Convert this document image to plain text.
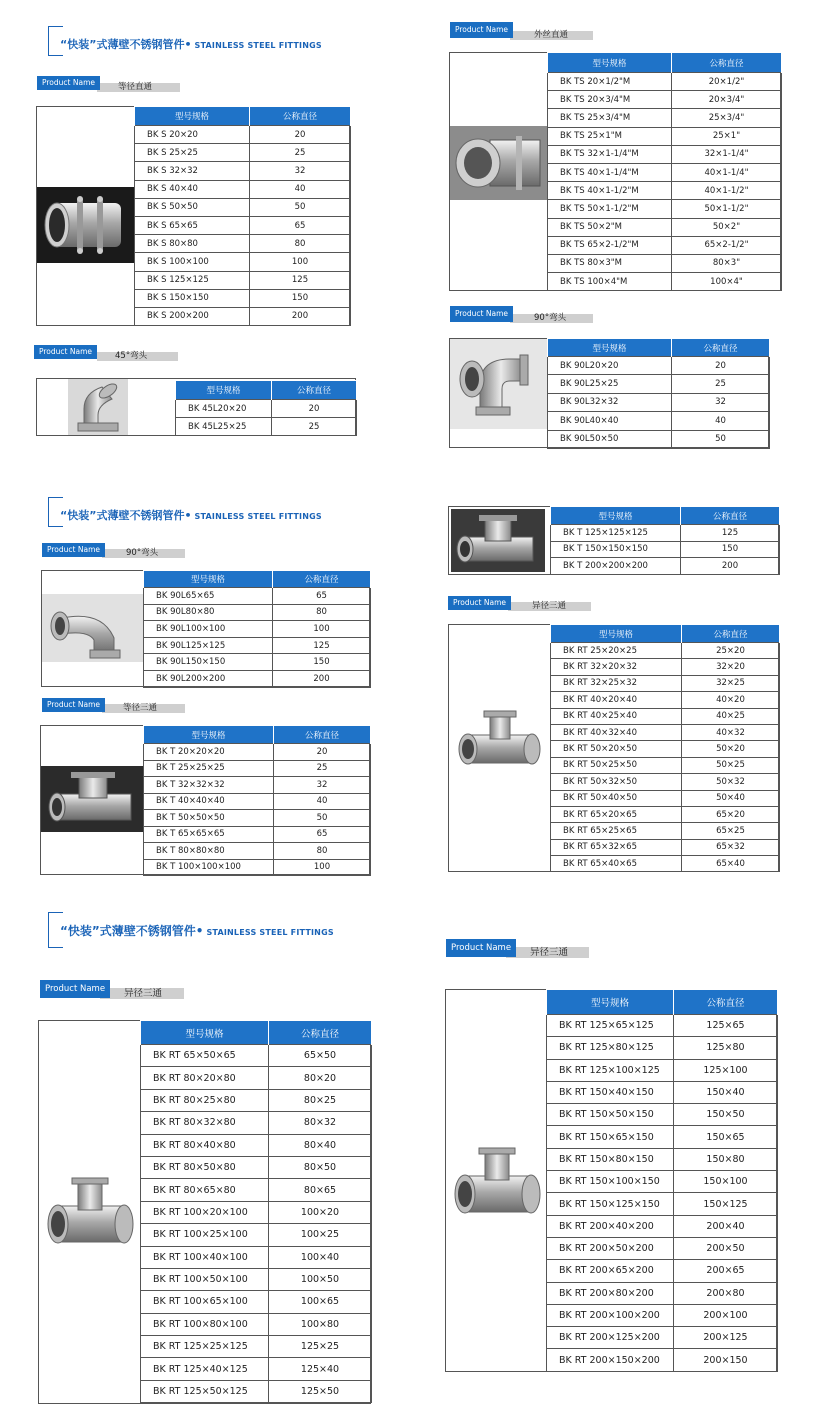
“快装”式薄壁不锈钢管件• STAINLESS STEEL FITTINGS
“快装”式薄壁不锈钢管件• STAINLESS STEEL FITTINGS
“快装”式薄壁不锈钢管件• STAINLESS STEEL FITTINGS
Product Name	等径直通
Product Name	45°弯头
Product Name
外丝直通
Product Name	90°弯头
Product Name	90°弯头
Product Name	等径三通
Product Name	异径三通
Product Name	异径三通
Product Name	异径三通
型号规格	公称直径
BK S 20×20	20
BK S 25×25	25
BK S 32×32	32
BK S 40×40	40
BK S 50×50	50
BK S 65×65	65
BK S 80×80	80
BK S 100×100	100
BK S 125×125	125
BK S 150×150	150
BK S 200×200	200
型号规格	公称直径
BK 45L20×20	20
BK 45L25×25	25
型号规格	公称直径
BK TS 20×1/2"M	20×1/2"
BK TS 20×3/4"M	20×3/4"
BK TS 25×3/4"M	25×3/4"
BK TS 25×1"M	25×1"
BK TS 32×1-1/4"M	32×1-1/4"
BK TS 40×1-1/4"M	40×1-1/4"
BK TS 40×1-1/2"M	40×1-1/2"
BK TS 50×1-1/2"M	50×1-1/2"
BK TS 50×2"M	50×2"
BK TS 65×2-1/2"M	65×2-1/2"
BK TS 80×3"M	80×3"
BK TS 100×4"M	100×4"
型号规格	公称直径
BK 90L20×20	20
BK 90L25×25	25
BK 90L32×32	32
BK 90L40×40	40
BK 90L50×50	50
型号规格	公称直径
BK 90L65×65	65
BK 90L80×80	80
BK 90L100×100	100
BK 90L125×125	125
BK 90L150×150	150
BK 90L200×200	200
型号规格	公称直径
BK T 20×20×20	20
BK T 25×25×25	25
BK T 32×32×32	32
BK T 40×40×40	40
BK T 50×50×50	50
BK T 65×65×65	65
BK T 80×80×80	80
BK T 100×100×100	100
型号规格	公称直径
BK T 125×125×125	125
BK T 150×150×150	150
BK T 200×200×200	200
型号规格	公称直径
BK RT 25×20×25	25×20
BK RT 32×20×32	32×20
BK RT 32×25×32	32×25
BK RT 40×20×40	40×20
BK RT 40×25×40	40×25
BK RT 40×32×40	40×32
BK RT 50×20×50	50×20
BK RT 50×25×50	50×25
BK RT 50×32×50	50×32
BK RT 50×40×50	50×40
BK RT 65×20×65	65×20
BK RT 65×25×65	65×25
BK RT 65×32×65	65×32
BK RT 65×40×65	65×40
型号规格	公称直径
BK RT 65×50×65	65×50
BK RT 80×20×80	80×20
BK RT 80×25×80	80×25
BK RT 80×32×80	80×32
BK RT 80×40×80	80×40
BK RT 80×50×80	80×50
BK RT 80×65×80	80×65
BK RT 100×20×100	100×20
BK RT 100×25×100	100×25
BK RT 100×40×100	100×40
BK RT 100×50×100	100×50
BK RT 100×65×100	100×65
BK RT 100×80×100	100×80
BK RT 125×25×125	125×25
BK RT 125×40×125	125×40
BK RT 125×50×125	125×50
型号规格	公称直径
BK RT 125×65×125	125×65
BK RT 125×80×125	125×80
BK RT 125×100×125	125×100
BK RT 150×40×150	150×40
BK RT 150×50×150	150×50
BK RT 150×65×150	150×65
BK RT 150×80×150	150×80
BK RT 150×100×150	150×100
BK RT 150×125×150	150×125
BK RT 200×40×200	200×40
BK RT 200×50×200	200×50
BK RT 200×65×200	200×65
BK RT 200×80×200	200×80
BK RT 200×100×200	200×100
BK RT 200×125×200	200×125
BK RT 200×150×200	200×150
